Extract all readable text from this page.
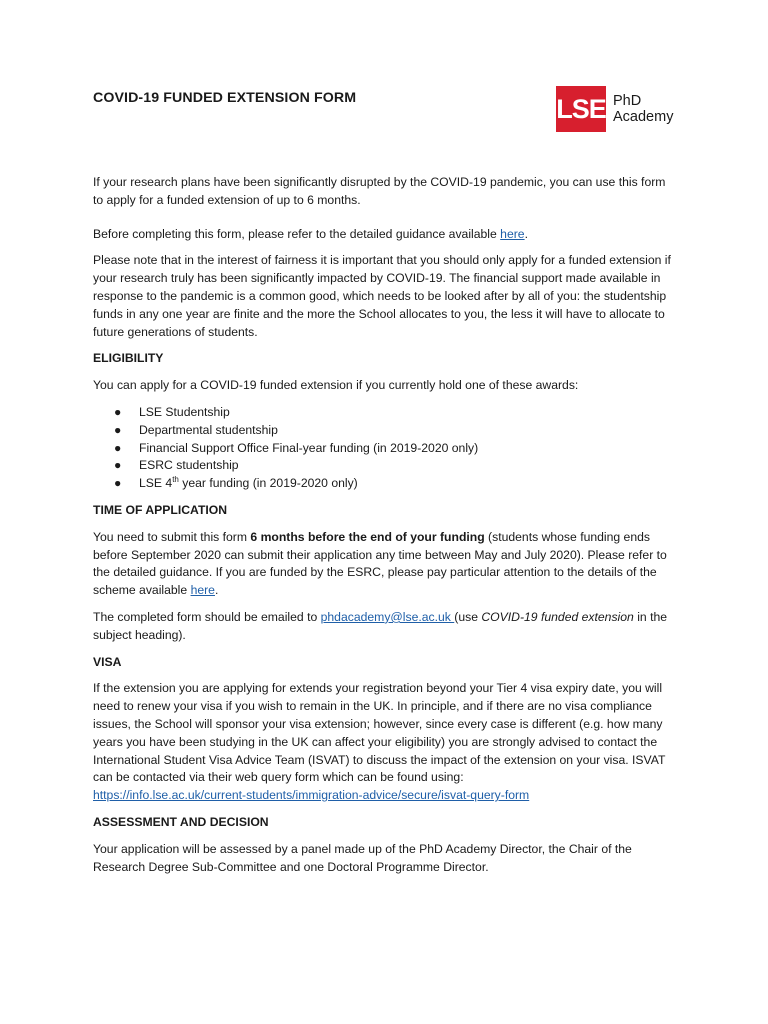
COVID-19 FUNDED EXTENSION FORM	LSE PhD
Academy

If your research plans have been significantly disrupted by the COVID-19 pandemic, you can use this form to apply for a funded extension of up to 6 months.

Before completing this form, please refer to the detailed guidance available here.

Please note that in the interest of fairness it is important that you should only apply for a funded extension if your research truly has been significantly impacted by COVID-19. The financial support made available in response to the pandemic is a common good, which needs to be looked after by all of you: the studentship funds in any one year are finite and the more the School allocates to you, the less it will have to allocate to future generations of students.

ELIGIBILITY

You can apply for a COVID-19 funded extension if you currently hold one of these awards:

● LSE Studentship
● Departmental studentship
● Financial Support Office Final-year funding (in 2019-2020 only)
● ESRC studentship
● LSE 4th year funding (in 2019-2020 only)
TIME OF APPLICATION

You need to submit this form 6 months before the end of your funding (students whose funding ends before September 2020 can submit their application any time between May and July 2020). Please refer to the detailed guidance. If you are funded by the ESRC, please pay particular attention to the details of the scheme available here.

The completed form should be emailed to phdacademy@lse.ac.uk (use COVID-19 funded extension in the subject heading).

VISA

If the extension you are applying for extends your registration beyond your Tier 4 visa expiry date, you will need to renew your visa if you wish to remain in the UK. In principle, and if there are no visa compliance issues, the School will sponsor your visa extension; however, since every case is different (e.g. how many years you have been studying in the UK can affect your eligibility) you are strongly advised to contact the International Student Visa Advice Team (ISVAT) to discuss the impact of the extension on your visa. ISVAT can be contacted via their web query form which can be found using:
https://info.lse.ac.uk/current-students/immigration-advice/secure/isvat-query-form

ASSESSMENT AND DECISION

Your application will be assessed by a panel made up of the PhD Academy Director, the Chair of the Research Degree Sub-Committee and one Doctoral Programme Director.
